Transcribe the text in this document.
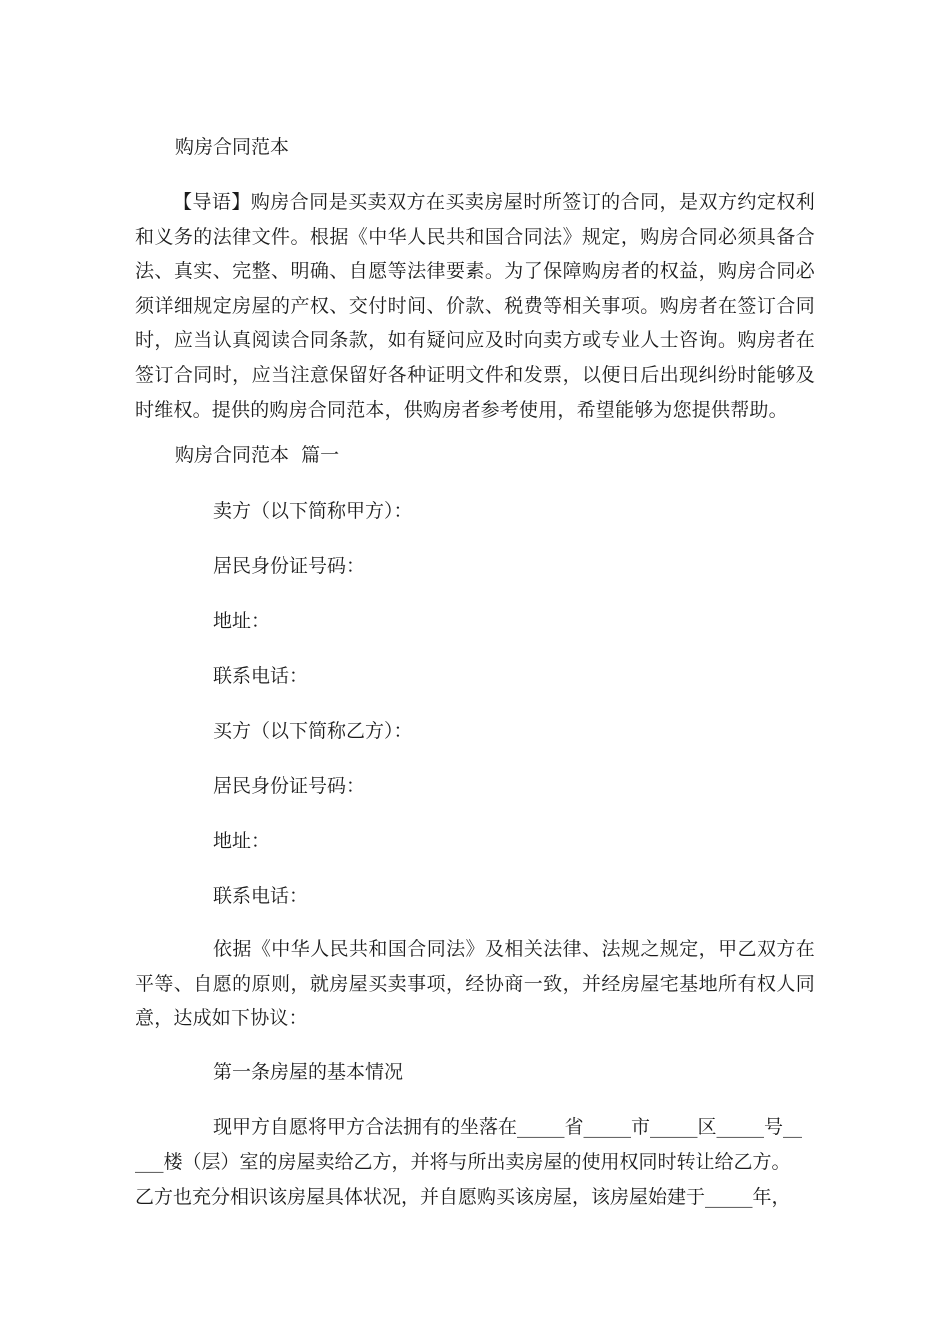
购房合同范本

【导语】购房合同是买卖双方在买卖房屋时所签订的合同，是双方约定权利和义务的法律文件。根据《中华人民共和国合同法》规定，购房合同必须具备合法、真实、完整、明确、自愿等法律要素。为了保障购房者的权益，购房合同必须详细规定房屋的产权、交付时间、价款、税费等相关事项。购房者在签订合同时，应当认真阅读合同条款，如有疑问应及时向卖方或专业人士咨询。购房者在签订合同时，应当注意保留好各种证明文件和发票，以便日后出现纠纷时能够及时维权。提供的购房合同范本，供购房者参考使用，希望能够为您提供帮助。

购房合同范本  篇一

卖方（以下简称甲方）：

居民身份证号码：

地址：

联系电话：

买方（以下简称乙方）：

居民身份证号码：

地址：

联系电话：

依据《中华人民共和国合同法》及相关法律、法规之规定，甲乙双方在平等、自愿的原则，就房屋买卖事项，经协商一致，并经房屋宅基地所有权人同意，达成如下协议：

第一条房屋的基本情况

现甲方自愿将甲方合法拥有的坐落在_____省_____市_____区_____号__

___楼（层）室的房屋卖给乙方，并将与所出卖房屋的使用权同时转让给乙方。

乙方也充分相识该房屋具体状况，并自愿购买该房屋，该房屋始建于_____年，
